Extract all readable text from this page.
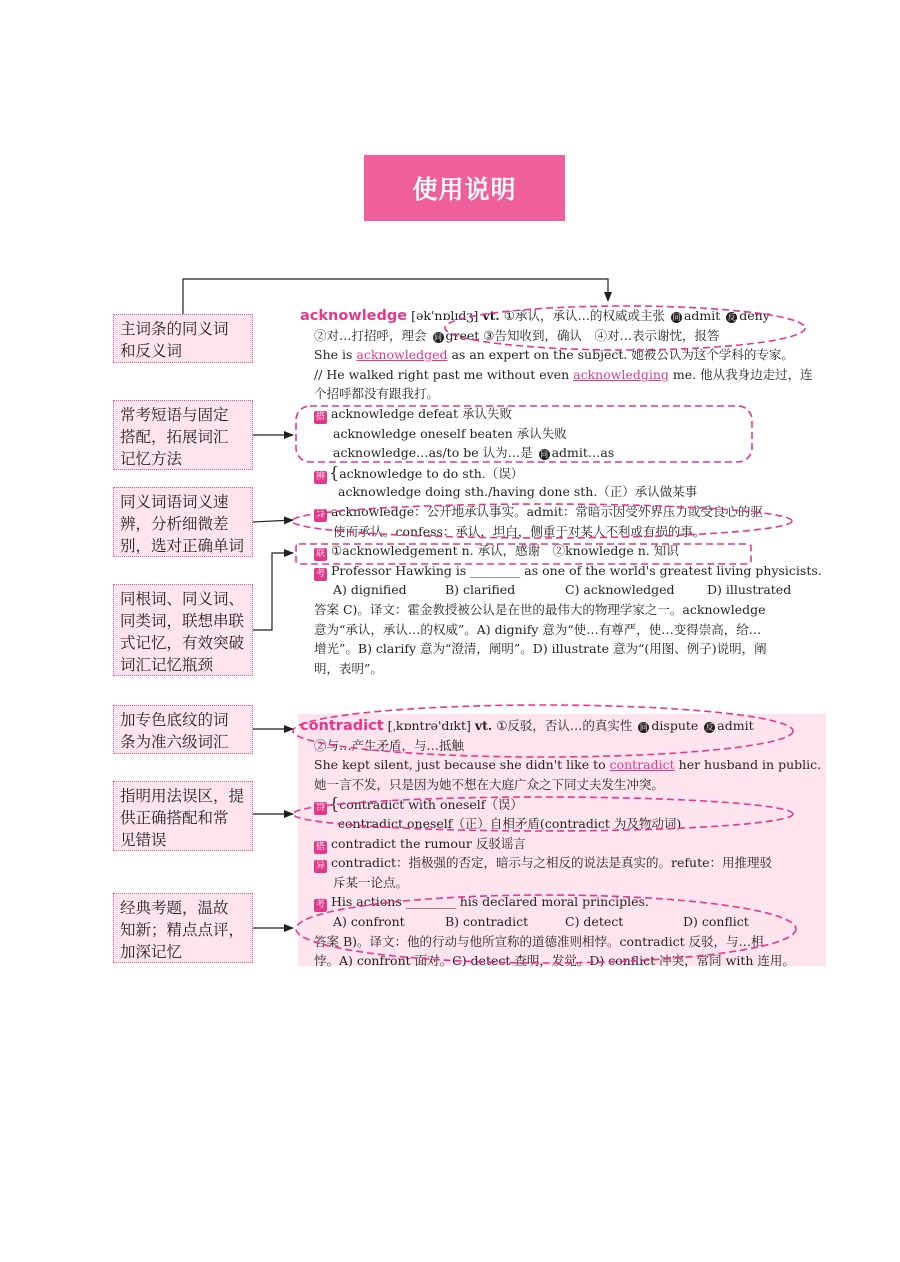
使用说明
主词条的同义词
和反义词
常考短语与固定
搭配，拓展词汇
记忆方法
同义词语词义速
辨，分析细微差
别，选对正确单词
同根词、同义词、
同类词，联想串联
式记忆，有效突破
词汇记忆瓶颈
加专色底纹的词
条为准六级词汇
指明用法误区，提
供正确搭配和常
见错误
经典考题，温故
知新；精点点评，
加深记忆
acknowledge [ək'nɒlɪdʒ] vt. ①承认，承认…的权威或主张 同 admit 反 deny
②对…打招呼，理会 同 greet ③告知收到，确认　④对…表示谢忱，报答
She is acknowledged as an expert on the subject. 她被公认为这个学科的专家。
// He walked right past me without even acknowledging me. 他从我身边走过，连
个招呼都没有跟我打。
搭 acknowledge defeat 承认失败
acknowledge oneself beaten 承认失败
acknowledge…as/to be 认为…是 同 admit…as
辨 {acknowledge to do sth.（误）
acknowledge doing sth./having done sth.（正）承认做某事
异 acknowledge：公开地承认事实。admit：常暗示因受外界压力或受良心的驱
使而承认。confess：承认，坦白，侧重于对某人不利或有损的事。
联 ①acknowledgement n. 承认，感谢　②knowledge n. 知识
考 Professor Hawking is ________ as one of the world's greatest living physicists.
A) dignified	B) clarified	C) acknowledged	D) illustrated
答案 C)。译文：霍金教授被公认是在世的最伟大的物理学家之一。acknowledge
意为“承认，承认…的权威”。A) dignify 意为“使…有尊严，使…变得崇高，给…
增光”。B) clarify 意为“澄清，阐明”。D) illustrate 意为“(用图、例子)说明，阐
明，表明”。
contradict [ˌkɒntrə'dɪkt] vt. ①反驳，否认…的真实性 同 dispute 反 admit
②与…产生矛盾，与…抵触
She kept silent, just because she didn't like to contradict her husband in public.
她一言不发，只是因为她不想在大庭广众之下同丈夫发生冲突。
辨 {contradict with oneself（误）
contradict oneself（正）自相矛盾(contradict 为及物动词)
搭 contradict the rumour 反驳谣言
异 contradict：指极强的否定，暗示与之相反的说法是真实的。refute：用推理驳
斥某一论点。
考 His actions ________ his declared moral principles.
A) confront	B) contradict	C) detect	D) conflict
答案 B)。译文：他的行动与他所宣称的道德准则相悖。contradict 反驳，与…相
悖。A) confront 面对。C) detect 查明，发觉。D) conflict 冲突，常同 with 连用。
